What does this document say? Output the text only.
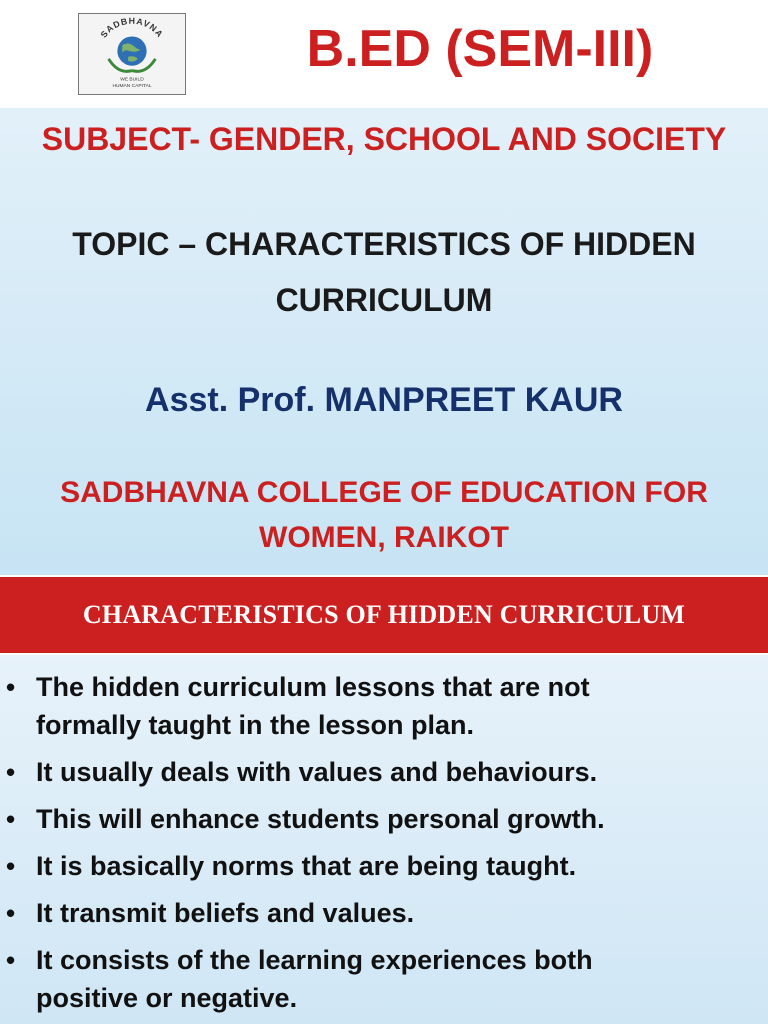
SADBHAVNA
WE BUILD
HUMAN CAPITAL
B.ED (SEM-III)
SUBJECT- GENDER, SCHOOL AND SOCIETY
TOPIC – CHARACTERISTICS OF HIDDEN
CURRICULUM
Asst. Prof. MANPREET KAUR
SADBHAVNA COLLEGE OF EDUCATION FOR
WOMEN, RAIKOT
CHARACTERISTICS OF HIDDEN CURRICULUM
• The hidden curriculum lessons that are not
formally taught in the lesson plan.
• It usually deals with values and behaviours.
• This will enhance students personal growth.
• It is basically norms that are being taught.
• It transmit beliefs and values.
• It consists of the learning experiences both
positive or negative.
